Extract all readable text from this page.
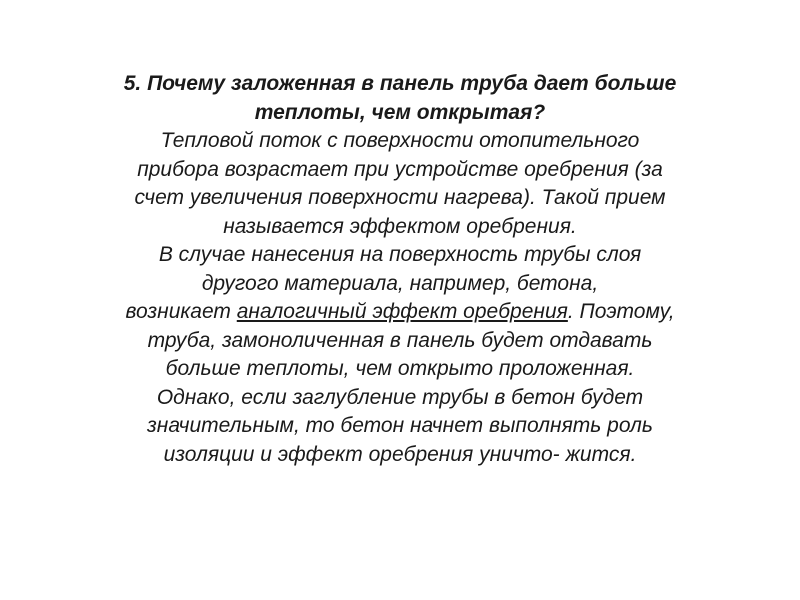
5. Почему заложенная в панель труба дает больше
теплоты, чем открытая?
Тепловой поток с поверхности отопительного
прибора возрастает при устройстве оребрения (за
счет увеличения поверхности нагрева). Такой прием
называется эффектом оребрения.
В случае нанесения на поверхность трубы слоя
другого материала, например, бетона,
возникает аналогичный эффект оребрения. Поэтому,
труба, замоноличенная в панель будет отдавать
больше теплоты, чем открыто проложенная.
Однако, если заглубление трубы в бетон будет
значительным, то бетон начнет выполнять роль
изоляции и эффект оребрения уничто- жится.
